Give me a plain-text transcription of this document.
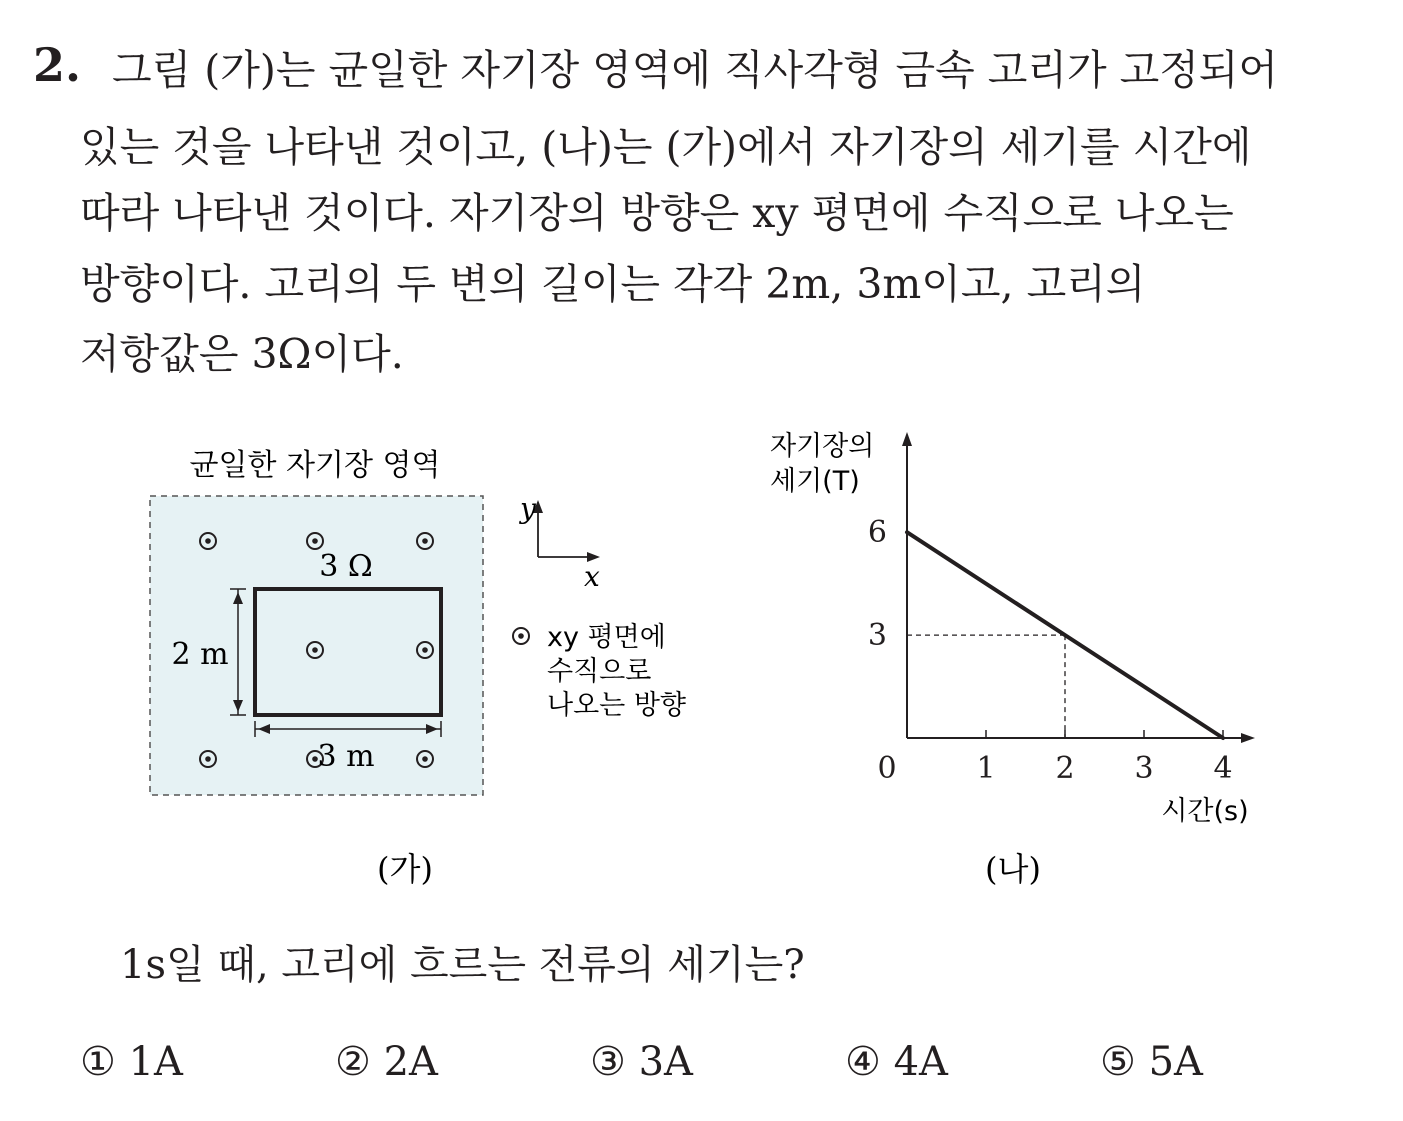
2. 그림 (가)는 균일한 자기장 영역에 직사각형 금속 고리가 고정되어
있는 것을 나타낸 것이고, (나)는 (가)에서 자기장의 세기를 시간에
따라 나타낸 것이다. 자기장의 방향은 xy 평면에 수직으로 나오는
방향이다. 고리의 두 변의 길이는 각각 2m, 3m이고, 고리의
저항값은 3Ω이다.
균일한 자기장 영역
3 Ω
2 m
3 m
y
x
xy 평면에
수직으로
나오는 방향
(가)
자기장의
세기(T)
0	1 2 3 4
6
3
시간(s)
(나)
1s일 때, 고리에 흐르는 전류의 세기는?
① 1A	② 2A	③ 3A	④ 4A	⑤ 5A
